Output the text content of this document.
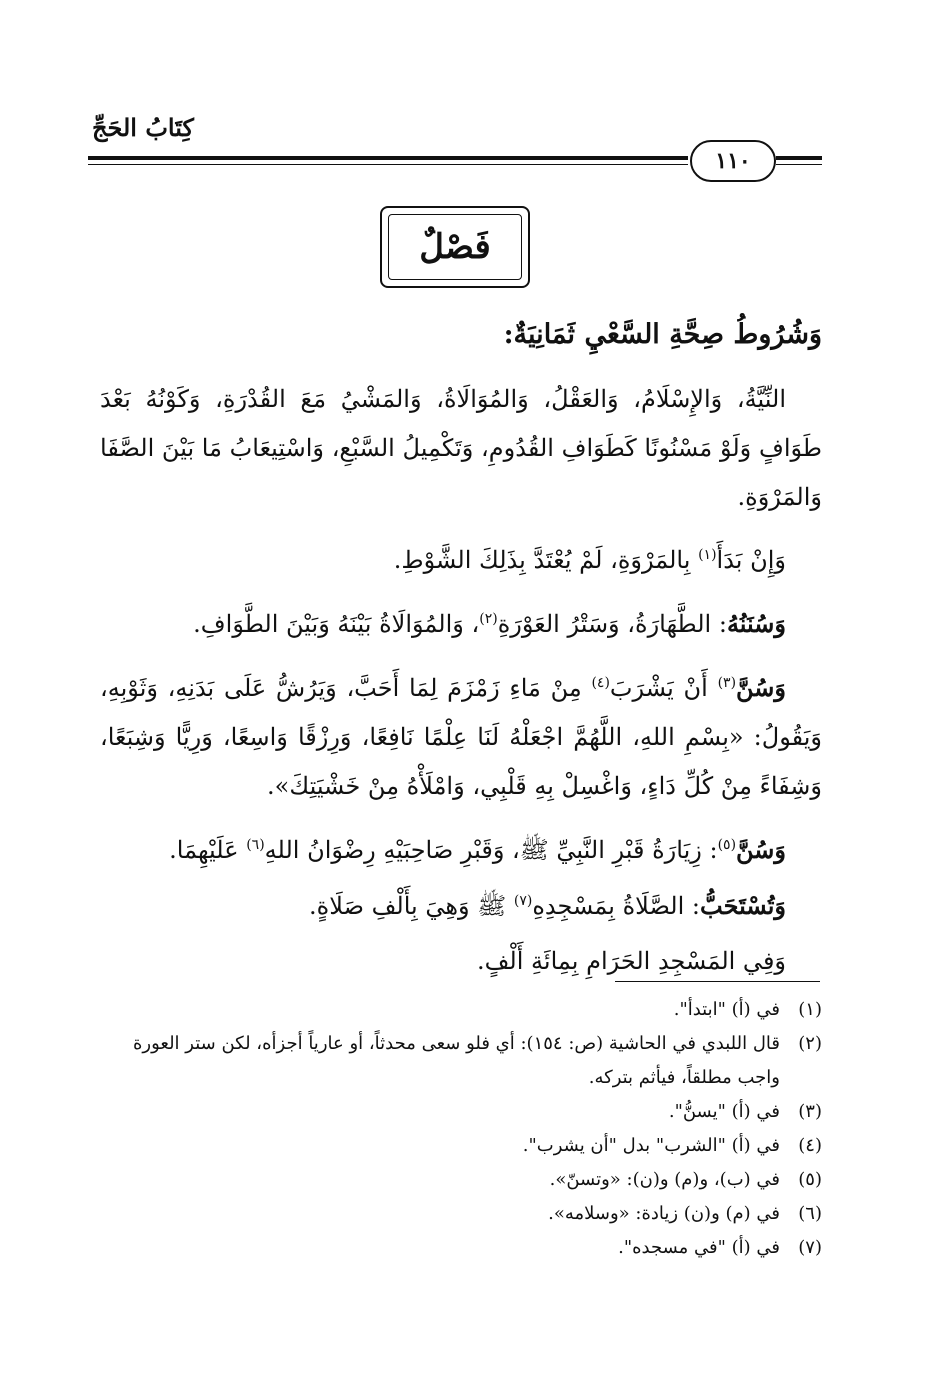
كِتَابُ الحَجِّ
١١٠
فَصْلٌ

وَشُرُوطُ صِحَّةِ السَّعْيِ ثَمَانِيَةٌ:

النِّيَّةُ، وَالإِسْلَامُ، وَالعَقْلُ، وَالمُوَالَاةُ، وَالمَشْيُ مَعَ القُدْرَةِ، وَكَوْنُهُ بَعْدَ طَوَافٍ وَلَوْ مَسْنُونًا كَطَوَافِ القُدُومِ، وَتَكْمِيلُ السَّبْعِ، وَاسْتِيعَابُ مَا بَيْنَ الصَّفَا وَالمَرْوَةِ.

وَإِنْ بَدَأَ$^{(١)}$ بِالمَرْوَةِ، لَمْ يُعْتَدَّ بِذَلِكَ الشَّوْطِ.

وَسُنَنُهُ: الطَّهَارَةُ، وَسَتْرُ العَوْرَةِ$^{(٢)}$، وَالمُوَالَاةُ بَيْنَهُ وَبَيْنَ الطَّوَافِ.

وَسُنَّ$^{(٣)}$ أَنْ يَشْرَبَ$^{(٤)}$ مِنْ مَاءِ زَمْزَمَ لِمَا أَحَبَّ، وَيَرُشُّ عَلَى بَدَنِهِ، وَثَوْبِهِ، وَيَقُولُ: «بِسْمِ اللهِ، اللَّهُمَّ اجْعَلْهُ لَنَا عِلْمًا نَافِعًا، وَرِزْقًا وَاسِعًا، وَرِيًّا وَشِبَعًا، وَشِفَاءً مِنْ كُلِّ دَاءٍ، وَاغْسِلْ بِهِ قَلْبِي، وَامْلَأْهُ مِنْ خَشْيَتِكَ».

وَسُنَّ$^{(٥)}$: زِيَارَةُ قَبْرِ النَّبِيِّ ﷺ، وَقَبْرِ صَاحِبَيْهِ رِضْوَانُ اللهِ$^{(٦)}$ عَلَيْهِمَا.

وَتُسْتَحَبُّ: الصَّلَاةُ بِمَسْجِدِهِ$^{(٧)}$ ﷺ وَهِيَ بِأَلْفِ صَلَاةٍ.

وَفِي المَسْجِدِ الحَرَامِ بِمِائَةِ أَلْفٍ.

(١)
في (أ) "ابتدأ".
(٢)
قال اللبدي في الحاشية (ص: ١٥٤): أي فلو سعى محدثاً، أو عارياً أجزأه، لكن ستر العورة واجب مطلقاً، فيأثم بتركه.
(٣)
في (أ) "يسنُّ".
(٤)
في (أ) "الشرب" بدل "أن يشرب".
(٥)
في (ب)، و(م) و(ن): «وتسنّ».
(٦)
في (م) و(ن) زيادة: «وسلامه».
(٧)
في (أ) "في مسجده".
